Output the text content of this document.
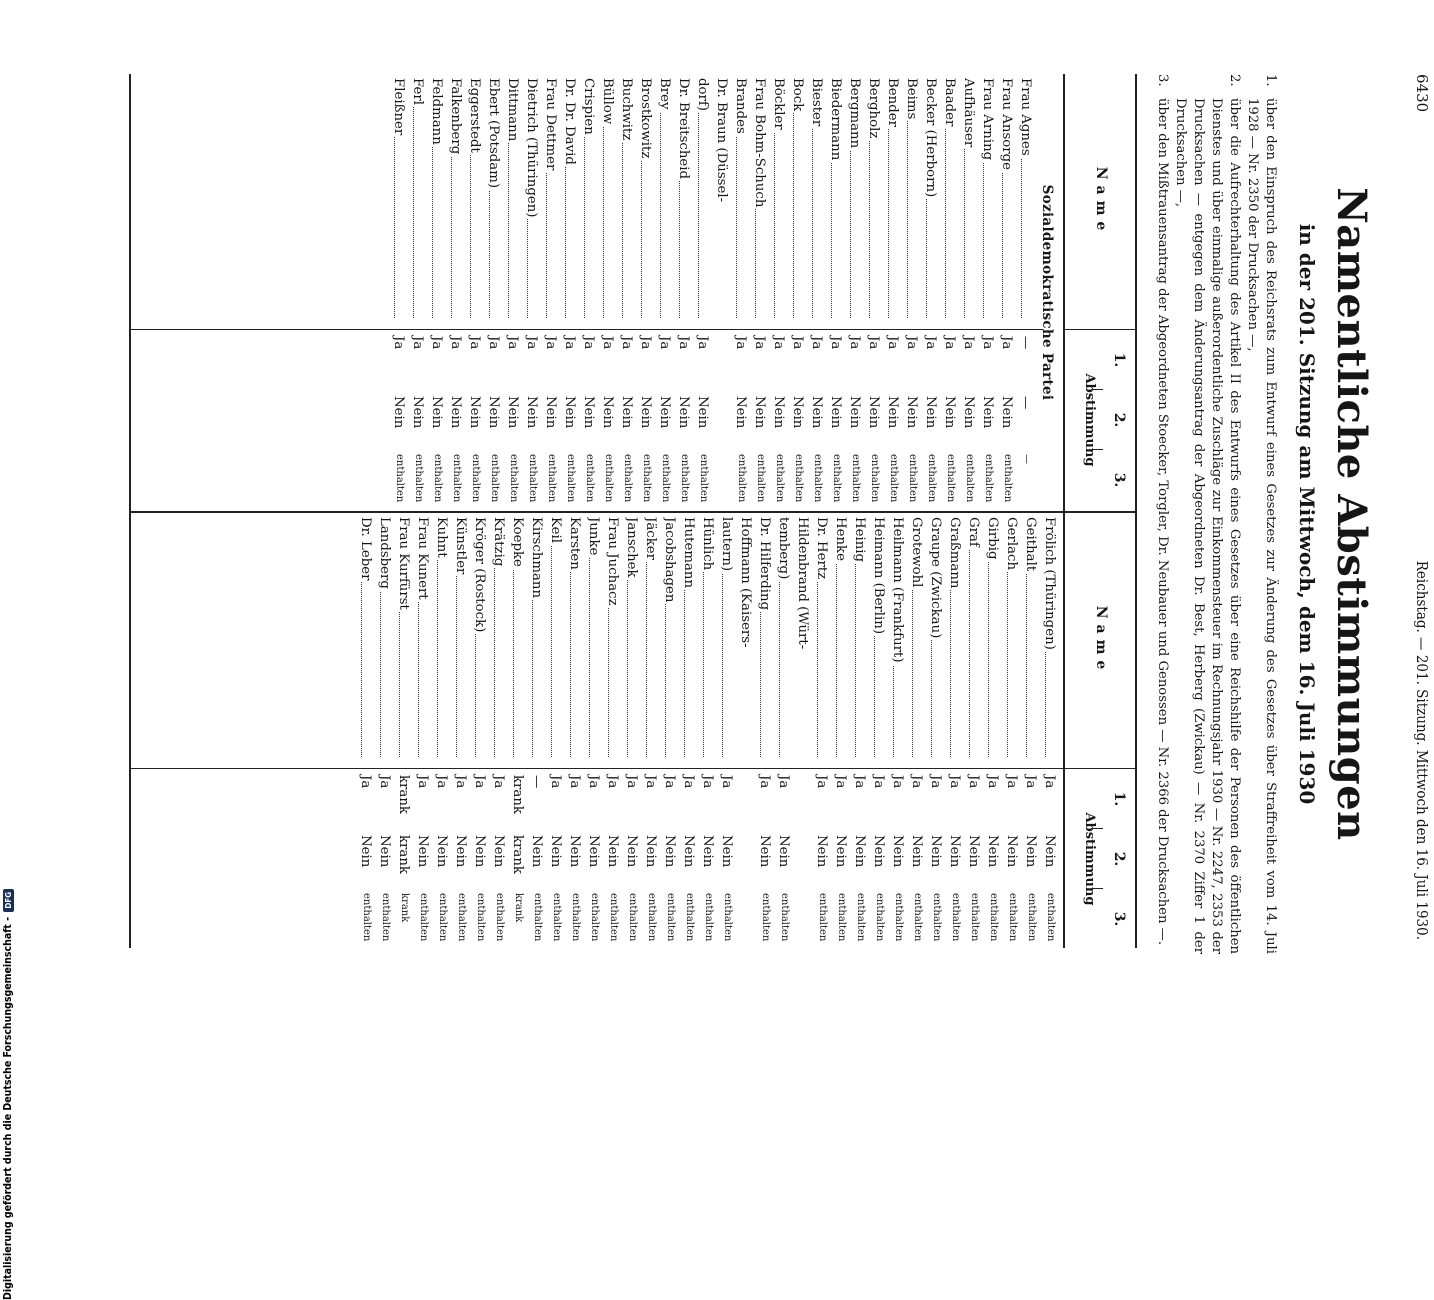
Digitalisierung gefördert durch die Deutsche Forschungsgemeinschaft - DFG
6430
Reichstag. — 201. Sitzung. Mittwoch den 16. Juli 1930.
Namentliche Abstimmungen
in der 201. Sitzung am Mittwoch, dem 16. Juli 1930
1.
über den Einspruch des Reichsrats zum Entwurf eines Gesetzes zur Änderung des Gesetzes über Straffreiheit vom 14. Juli 1928 — Nr. 2350 der Drucksachen —,
2.
über die Aufrechterhaltung des Artikel II des Entwurfs eines Gesetzes über eine Reichshilfe der Personen des öffentlichen Dienstes und über einmalige außerordentliche Zuschläge zur Einkommensteuer im Rechnungsjahr 1930 — Nr. 2247, 2353 der Drucksachen — entgegen dem Änderungsantrag der Abgeordneten Dr. Best, Herberg (Zwickau) — Nr. 2370 Ziffer 1 der Drucksachen —,
3.
über den Mißtrauensantrag der Abgeordneten Stoecker, Torgler, Dr. Neubauer und Genossen — Nr. 2366 der Drucksachen —.
Name
1.
2.
3.
Abstimmung
Name
1.
2.
3.
Abstimmung
Sozialdemokratische Partei
Frau Agnes
—
—
—
Frau Ansorge
Ja
Nein
enthalten
Frau Arning
Ja
Nein
enthalten
Aufhäuser
Ja
Nein
enthalten
Baader
Ja
Nein
enthalten
Becker (Herborn)
Ja
Nein
enthalten
Beims
Ja
Nein
enthalten
Bender
Ja
Nein
enthalten
Bergholz
Ja
Nein
enthalten
Bergmann
Ja
Nein
enthalten
Biedermann
Ja
Nein
enthalten
Biester
Ja
Nein
enthalten
Bock
Ja
Nein
enthalten
Böckler
Ja
Nein
enthalten
Frau Bohm-Schuch
Ja
Nein
enthalten
Brandes
Ja
Nein
enthalten
Dr. Braun (Düssel-
dorf)
Ja
Nein
enthalten
Dr. Breitscheid
Ja
Nein
enthalten
Brey
Ja
Nein
enthalten
Brostkowitz
Ja
Nein
enthalten
Buchwitz
Ja
Nein
enthalten
Büllow
Ja
Nein
enthalten
Crispien
Ja
Nein
enthalten
Dr. Dr. David
Ja
Nein
enthalten
Frau Dettmer
Ja
Nein
enthalten
Dietrich (Thüringen)
Ja
Nein
enthalten
Dittmann
Ja
Nein
enthalten
Ebert (Potsdam)
Ja
Nein
enthalten
Eggerstedt
Ja
Nein
enthalten
Falkenberg
Ja
Nein
enthalten
Feldmann
Ja
Nein
enthalten
Ferl
Ja
Nein
enthalten
Fleißner
Ja
Nein
enthalten
Frölich (Thüringen)
Ja
Nein
enthalten
Geithalt
Ja
Nein
enthalten
Gerlach
Ja
Nein
enthalten
Girbig
Ja
Nein
enthalten
Graf
Ja
Nein
enthalten
Graßmann
Ja
Nein
enthalten
Graupe (Zwickau)
Ja
Nein
enthalten
Grotewohl
Ja
Nein
enthalten
Heilmann (Frankfurt)
Ja
Nein
enthalten
Heimann (Berlin)
Ja
Nein
enthalten
Heinig
Ja
Nein
enthalten
Henke
Ja
Nein
enthalten
Dr. Hertz
Ja
Nein
enthalten
Hildenbrand (Würt-
temberg)
Ja
Nein
enthalten
Dr. Hilferding
Ja
Nein
enthalten
Hoffmann (Kaisers-
lautern)
Ja
Nein
enthalten
Hünlich
Ja
Nein
enthalten
Hutemann
Ja
Nein
enthalten
Jacobshagen
Ja
Nein
enthalten
Jäcker
Ja
Nein
enthalten
Janschek
Ja
Nein
enthalten
Frau Juchacz
Ja
Nein
enthalten
Junke
Ja
Nein
enthalten
Karsten
Ja
Nein
enthalten
Keil
Ja
Nein
enthalten
Kirschmann
—
Nein
enthalten
Koepke
krank
krank
krank
Krätzig
Ja
Nein
enthalten
Kröger (Rostock)
Ja
Nein
enthalten
Künstler
Ja
Nein
enthalten
Kuhnt
Ja
Nein
enthalten
Frau Kunert
Ja
Nein
enthalten
Frau Kurfürst
krank
krank
krank
Landsberg
Ja
Nein
enthalten
Dr. Leber
Ja
Nein
enthalten
